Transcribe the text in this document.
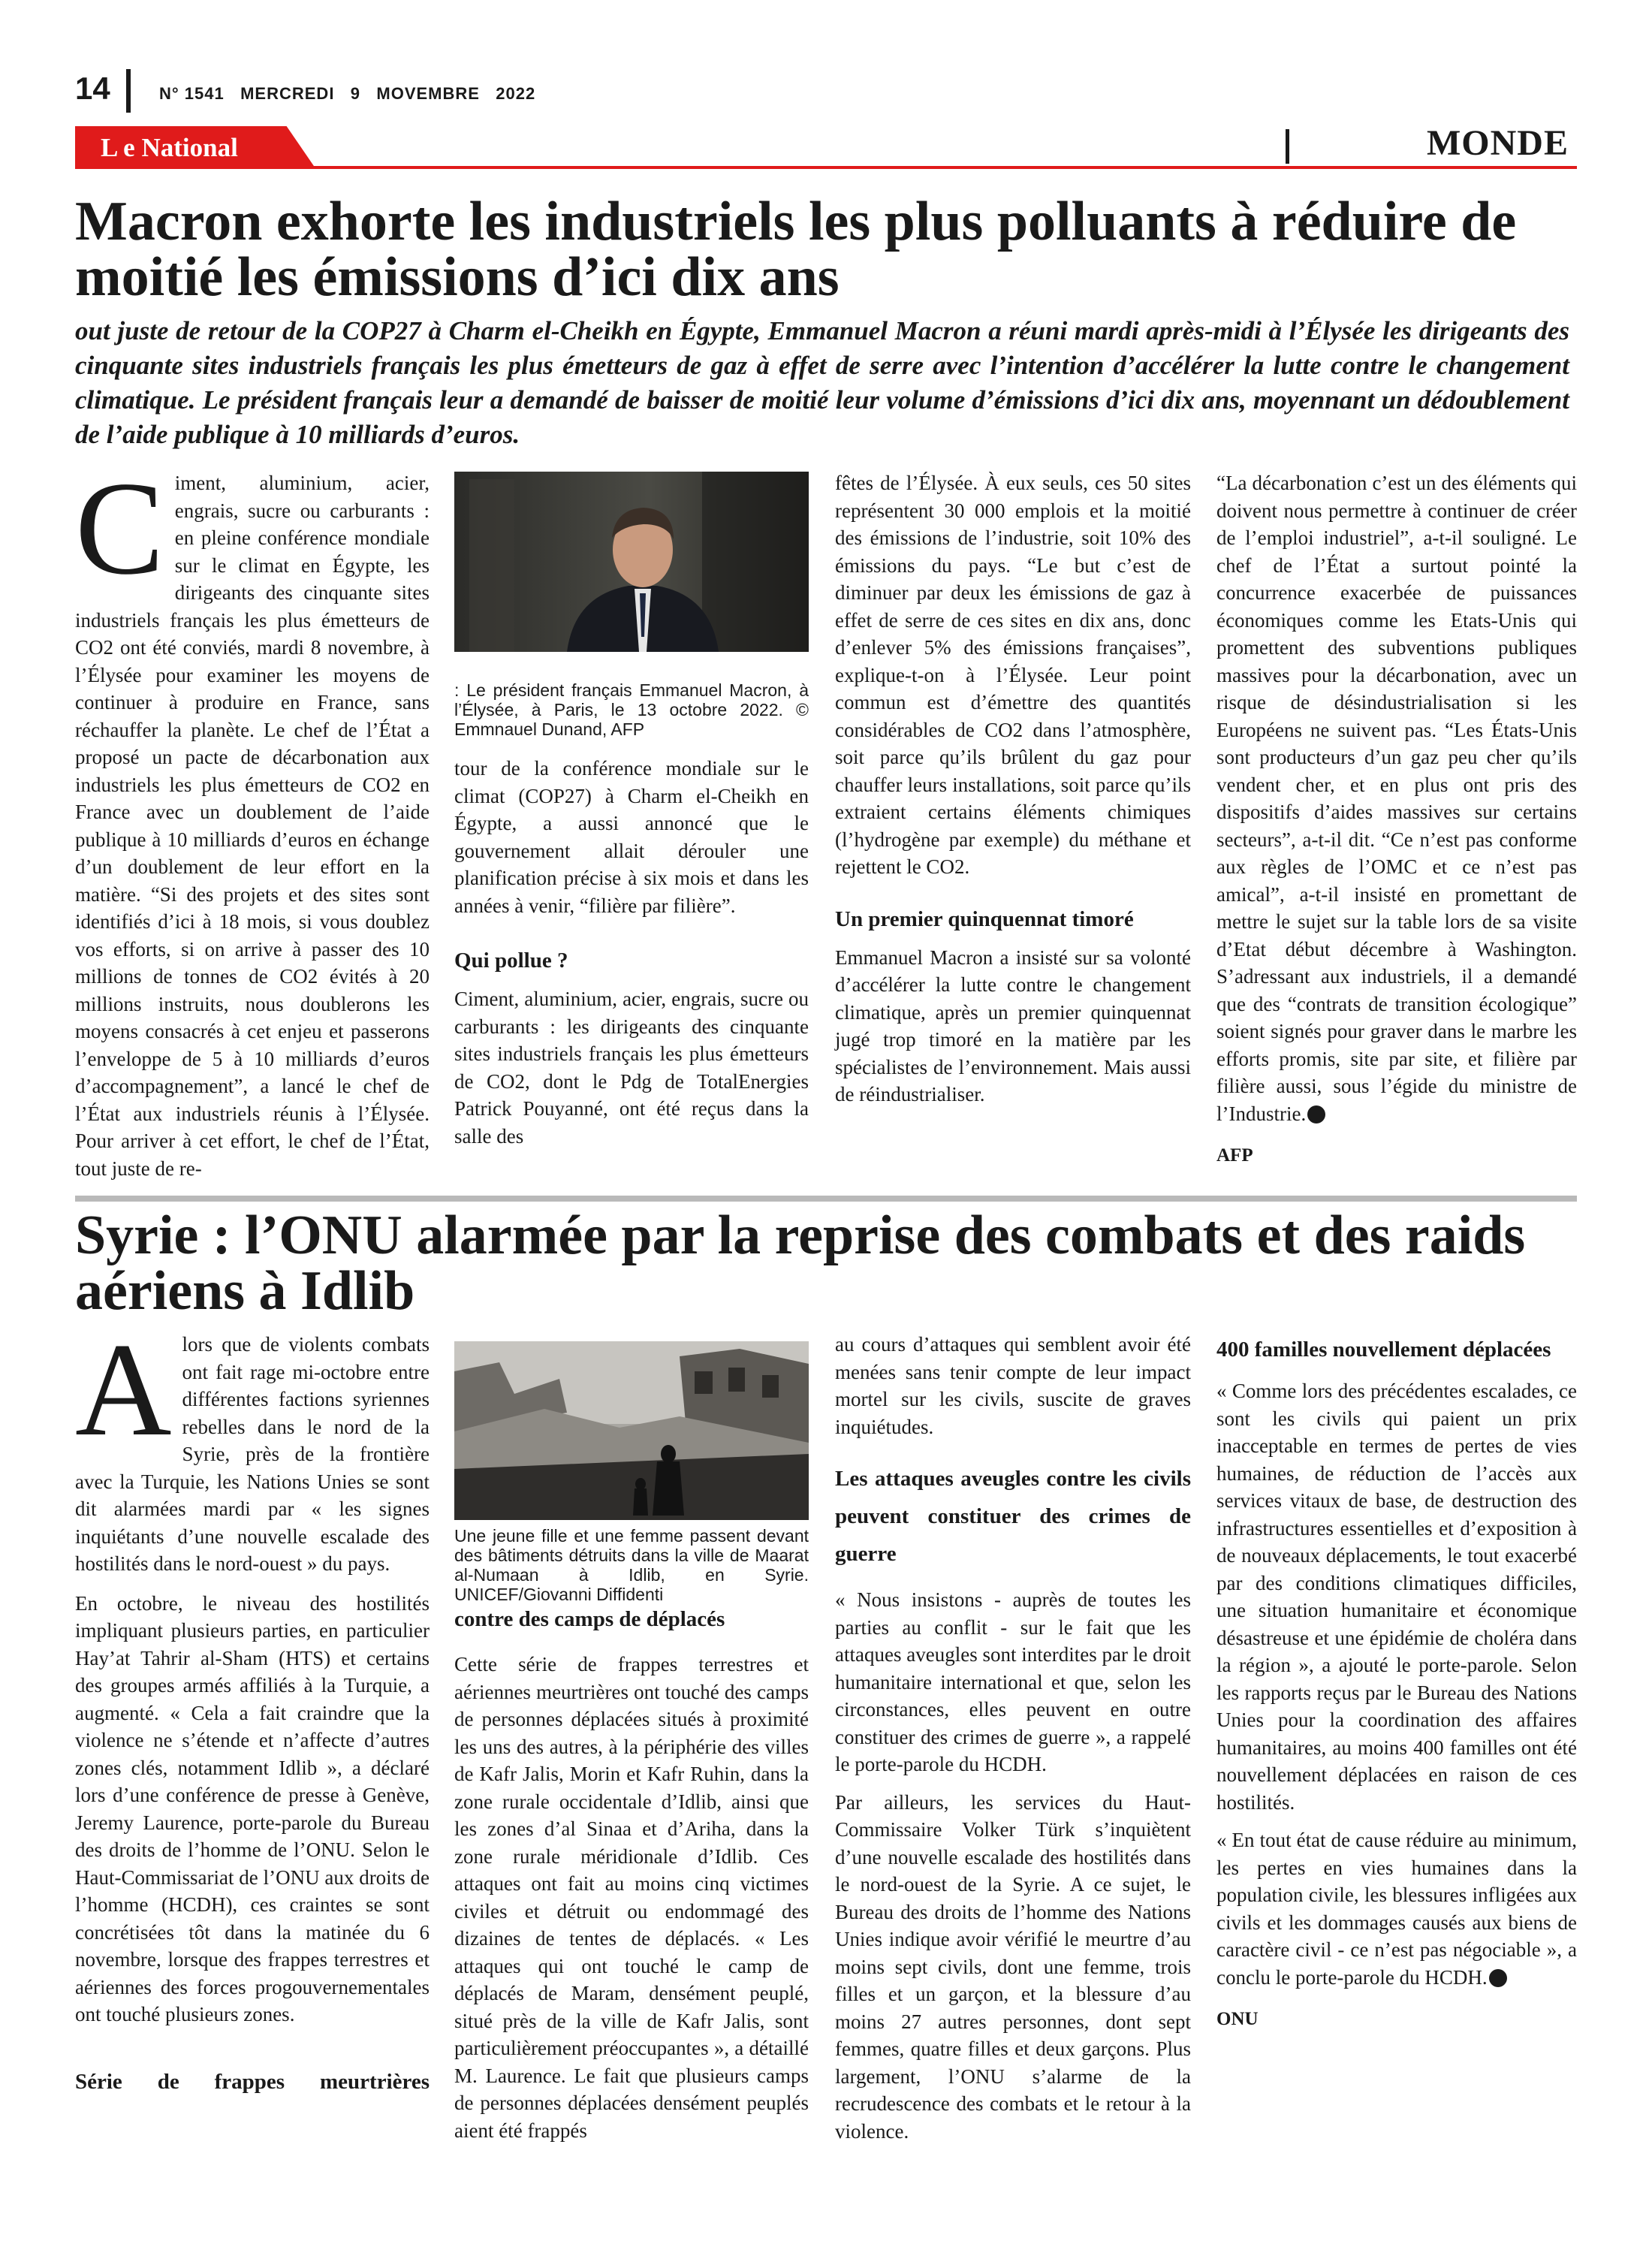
14	N° 1541 MERCREDI 9 MOVEMBRE 2022
L e National	MONDE
Macron exhorte les industriels les plus polluants à réduire de moitié les émissions d’ici dix ans
out juste de retour de la COP27 à Charm el-Cheikh en Égypte, Emmanuel Macron a réuni mardi après-midi à l’Élysée les dirigeants des cinquante sites industriels français les plus émetteurs de gaz à effet de serre avec l’intention d’accélérer la lutte contre le changement climatique. Le président français leur a demandé de baisser de moitié leur volume d’émissions d’ici dix ans, moyennant un dédoublement de l’aide publique à 10 milliards d’euros.

Ciment, aluminium, acier, engrais, sucre ou carburants : en pleine conférence mondiale sur le climat en Égypte, les dirigeants des cinquante sites industriels français les plus émetteurs de CO2 ont été conviés, mardi 8 novembre, à l’Élysée pour examiner les moyens de continuer à produire en France, sans réchauffer la planète. Le chef de l’État a proposé un pacte de décarbonation aux industriels les plus émetteurs de CO2 en France avec un doublement de l’aide publique à 10 milliards d’euros en échange d’un doublement de leur effort en la matière. “Si des projets et des sites sont identifiés d’ici à 18 mois, si vous doublez vos efforts, si on arrive à passer des 10 millions de tonnes de CO2 évités à 20 millions instruits, nous doublerons les moyens consacrés à cet enjeu et passerons l’enveloppe de 5 à 10 milliards d’euros d’accompagnement”, a lancé le chef de l’État aux industriels réunis à l’Élysée. Pour arriver à cet effort, le chef de l’État, tout juste de re-

: Le président français Emmanuel Macron, à l’Élysée, à Paris, le 13 octobre 2022. © Emmnauel Dunand, AFP

tour de la conférence mondiale sur le climat (COP27) à Charm el-Cheikh en Égypte, a aussi annoncé que le gouvernement allait dérouler une planification précise à six mois et dans les années à venir, “filière par filière”.

Qui pollue ?

Ciment, aluminium, acier, engrais, sucre ou carburants : les dirigeants des cinquante sites industriels français les plus émetteurs de CO2, dont le Pdg de TotalEnergies Patrick Pouyanné, ont été reçus dans la salle des

fêtes de l’Élysée. À eux seuls, ces 50 sites représentent 30 000 emplois et la moitié des émissions de l’industrie, soit 10% des émissions du pays. “Le but c’est de diminuer par deux les émissions de gaz à effet de serre de ces sites en dix ans, donc d’enlever 5% des émissions françaises”, explique-t-on à l’Élysée. Leur point commun est d’émettre des quantités considérables de CO2 dans l’atmosphère, soit parce qu’ils brûlent du gaz pour chauffer leurs installations, soit parce qu’ils extraient certains éléments chimiques (l’hydrogène par exemple) du méthane et rejettent le CO2.

Un premier quinquennat timoré

Emmanuel Macron a insisté sur sa volonté d’accélérer la lutte contre le changement climatique, après un premier quinquennat jugé trop timoré en la matière par les spécialistes de l’environnement. Mais aussi de réindustrialiser.

“La décarbonation c’est un des éléments qui doivent nous permettre à continuer de créer de l’emploi industriel”, a-t-il souligné. Le chef de l’État a surtout pointé la concurrence exacerbée de puissances économiques comme les Etats-Unis qui promettent des subventions publiques massives pour la décarbonation, avec un risque de désindustrialisation si les Européens ne suivent pas. “Les États-Unis sont producteurs d’un gaz peu cher qu’ils vendent cher, et en plus ont pris des dispositifs d’aides massives sur certains secteurs”, a-t-il dit. “Ce n’est pas conforme aux règles de l’OMC et ce n’est pas amical”, a-t-il insisté en promettant de mettre le sujet sur la table lors de sa visite d’Etat début décembre à Washington. S’adressant aux industriels, il a demandé que des “contrats de transition écologique” soient signés pour graver dans le marbre les efforts promis, site par site, et filière par filière aussi, sous l’égide du ministre de l’Industrie.

AFP
Syrie : l’ONU alarmée par la reprise des combats et des raids aériens à Idlib

Alors que de violents combats ont fait rage mi-octobre entre différentes factions syriennes rebelles dans le nord de la Syrie, près de la frontière avec la Turquie, les Nations Unies se sont dit alarmées mardi par « les signes inquiétants d’une nouvelle escalade des hostilités dans le nord-ouest » du pays.

En octobre, le niveau des hostilités impliquant plusieurs parties, en particulier Hay’at Tahrir al-Sham (HTS) et certains des groupes armés affiliés à la Turquie, a augmenté. « Cela a fait craindre que la violence ne s’étende et n’affecte d’autres zones clés, notamment Idlib », a déclaré lors d’une conférence de presse à Genève, Jeremy Laurence, porte-parole du Bureau des droits de l’homme de l’ONU. Selon le Haut-Commissariat de l’ONU aux droits de l’homme (HCDH), ces craintes se sont concrétisées tôt dans la matinée du 6 novembre, lorsque des frappes terrestres et aériennes des forces progouvernementales ont touché plusieurs zones.

Série de frappes meurtrières

Une jeune fille et une femme passent devant des bâtiments détruits dans la ville de Maarat al-Numaan à Idlib, en Syrie. UNICEF/Giovanni Diffidenti

contre des camps de déplacés

Cette série de frappes terrestres et aériennes meurtrières ont touché des camps de personnes déplacées situés à proximité les uns des autres, à la périphérie des villes de Kafr Jalis, Morin et Kafr Ruhin, dans la zone rurale occidentale d’Idlib, ainsi que les zones d’al Sinaa et d’Ariha, dans la zone rurale méridionale d’Idlib. Ces attaques ont fait au moins cinq victimes civiles et détruit ou endommagé des dizaines de tentes de déplacés. « Les attaques qui ont touché le camp de déplacés de Maram, densément peuplé, situé près de la ville de Kafr Jalis, sont particulièrement préoccupantes », a détaillé M. Laurence. Le fait que plusieurs camps de personnes déplacées densément peuplés aient été frappés

au cours d’attaques qui semblent avoir été menées sans tenir compte de leur impact mortel sur les civils, suscite de graves inquiétudes.

Les attaques aveugles contre les civils peuvent constituer des crimes de guerre

« Nous insistons - auprès de toutes les parties au conflit - sur le fait que les attaques aveugles sont interdites par le droit humanitaire international et que, selon les circonstances, elles peuvent en outre constituer des crimes de guerre », a rappelé le porte-parole du HCDH.

Par ailleurs, les services du Haut-Commissaire Volker Türk s’inquiètent d’une nouvelle escalade des hostilités dans le nord-ouest de la Syrie. A ce sujet, le Bureau des droits de l’homme des Nations Unies indique avoir vérifié le meurtre d’au moins sept civils, dont une femme, trois filles et un garçon, et la blessure d’au moins 27 autres personnes, dont sept femmes, quatre filles et deux garçons. Plus largement, l’ONU s’alarme de la recrudescence des combats et le retour à la violence.

400 familles nouvellement déplacées

« Comme lors des précédentes escalades, ce sont les civils qui paient un prix inacceptable en termes de pertes de vies humaines, de réduction de l’accès aux services vitaux de base, de destruction des infrastructures essentielles et d’exposition à de nouveaux déplacements, le tout exacerbé par des conditions climatiques difficiles, une situation humanitaire et économique désastreuse et une épidémie de choléra dans la région », a ajouté le porte-parole. Selon les rapports reçus par le Bureau des Nations Unies pour la coordination des affaires humanitaires, au moins 400 familles ont été nouvellement déplacées en raison de ces hostilités.

« En tout état de cause réduire au minimum, les pertes en vies humaines dans la population civile, les blessures infligées aux civils et les dommages causés aux biens de caractère civil - ce n’est pas négociable », a conclu le porte-parole du HCDH.

ONU
